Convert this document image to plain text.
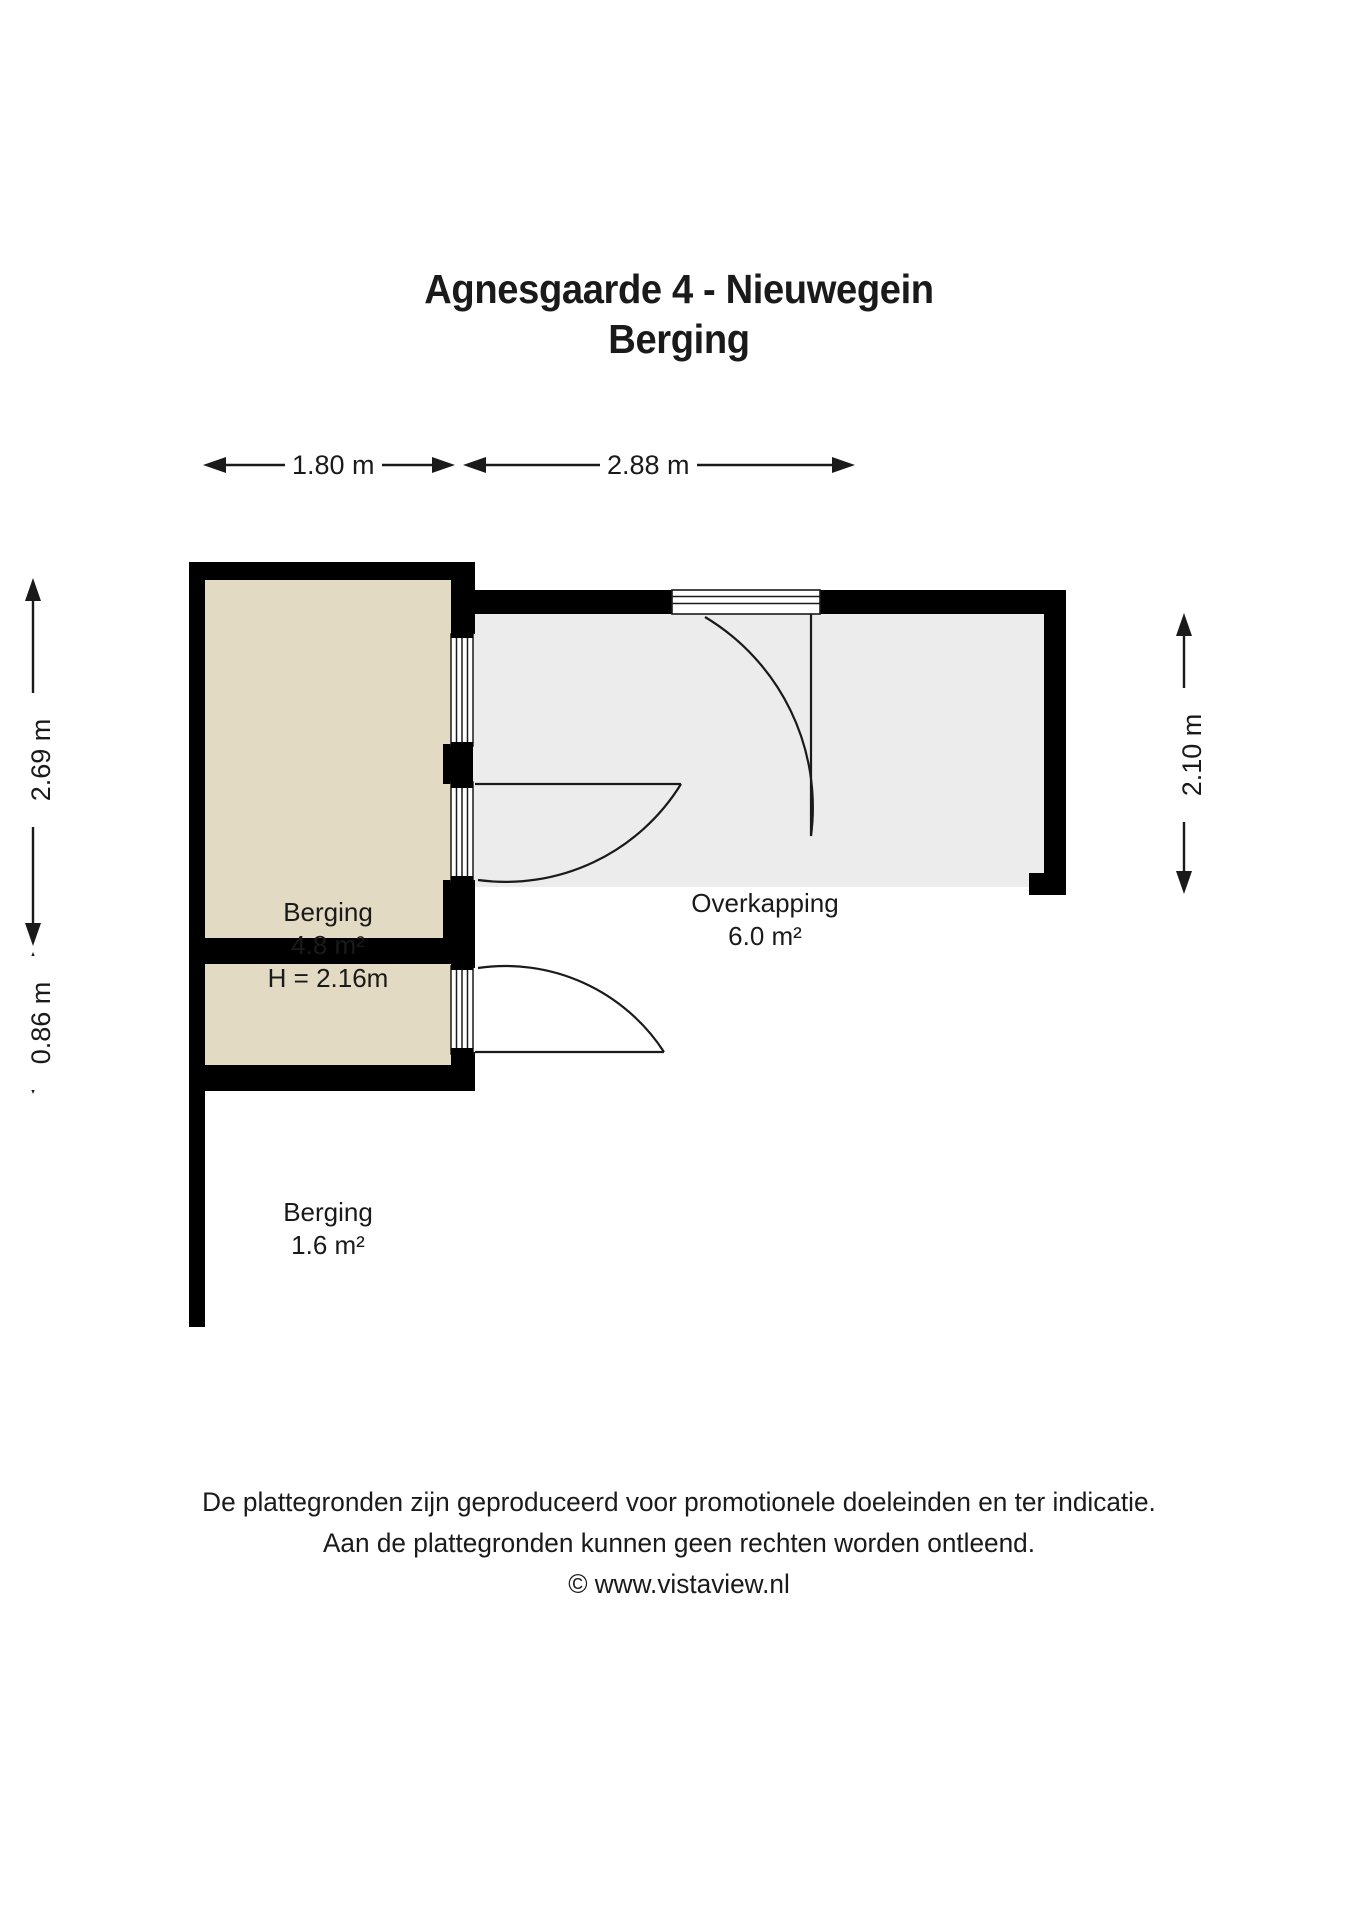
Agnesgaarde 4 - Nieuwegein
Berging
1.80 m	2.88 m
2.69 m
0.86 m
2.10 m
Berging
4.8 m²
H = 2.16m
Overkapping
6.0 m²
Berging
1.6 m²
De plattegronden zijn geproduceerd voor promotionele doeleinden en ter indicatie.
Aan de plattegronden kunnen geen rechten worden ontleend.
© www.vistaview.nl
